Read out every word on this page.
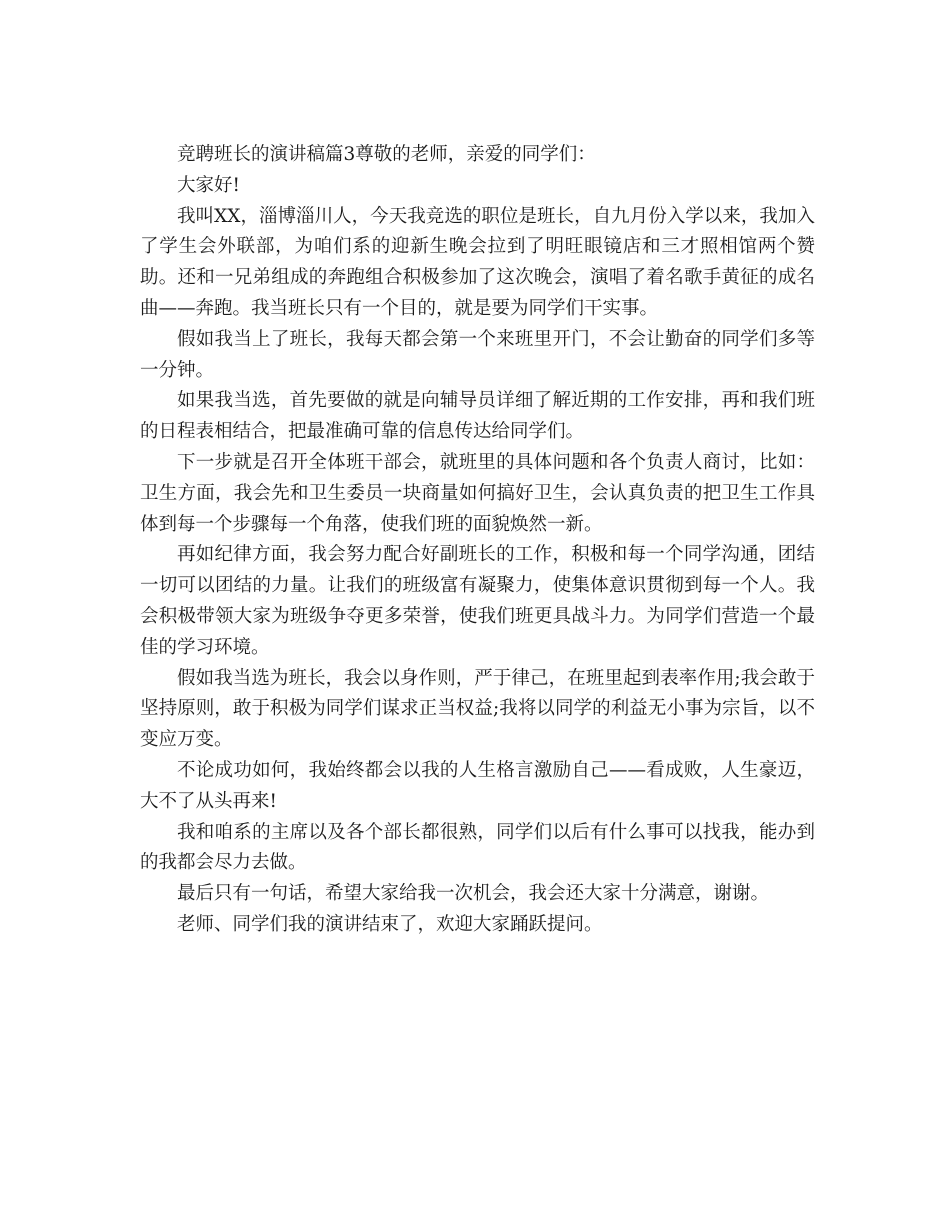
竞聘班长的演讲稿篇3尊敬的老师，亲爱的同学们：

大家好!

我叫XX，淄博淄川人，今天我竞选的职位是班长，自九月份入学以来，我加入了学生会外联部，为咱们系的迎新生晚会拉到了明旺眼镜店和三才照相馆两个赞助。还和一兄弟组成的奔跑组合积极参加了这次晚会，演唱了着名歌手黄征的成名曲——奔跑。我当班长只有一个目的，就是要为同学们干实事。

假如我当上了班长，我每天都会第一个来班里开门，不会让勤奋的同学们多等一分钟。

如果我当选，首先要做的就是向辅导员详细了解近期的工作安排，再和我们班的日程表相结合，把最准确可靠的信息传达给同学们。

下一步就是召开全体班干部会，就班里的具体问题和各个负责人商讨，比如：卫生方面，我会先和卫生委员一块商量如何搞好卫生，会认真负责的把卫生工作具体到每一个步骤每一个角落，使我们班的面貌焕然一新。

再如纪律方面，我会努力配合好副班长的工作，积极和每一个同学沟通，团结一切可以团结的力量。让我们的班级富有凝聚力，使集体意识贯彻到每一个人。我会积极带领大家为班级争夺更多荣誉，使我们班更具战斗力。为同学们营造一个最佳的学习环境。

假如我当选为班长，我会以身作则，严于律己，在班里起到表率作用;我会敢于坚持原则，敢于积极为同学们谋求正当权益;我将以同学的利益无小事为宗旨，以不变应万变。

不论成功如何，我始终都会以我的人生格言激励自己——看成败，人生豪迈，大不了从头再来!

我和咱系的主席以及各个部长都很熟，同学们以后有什么事可以找我，能办到的我都会尽力去做。

最后只有一句话，希望大家给我一次机会，我会还大家十分满意，谢谢。

老师、同学们我的演讲结束了，欢迎大家踊跃提问。
